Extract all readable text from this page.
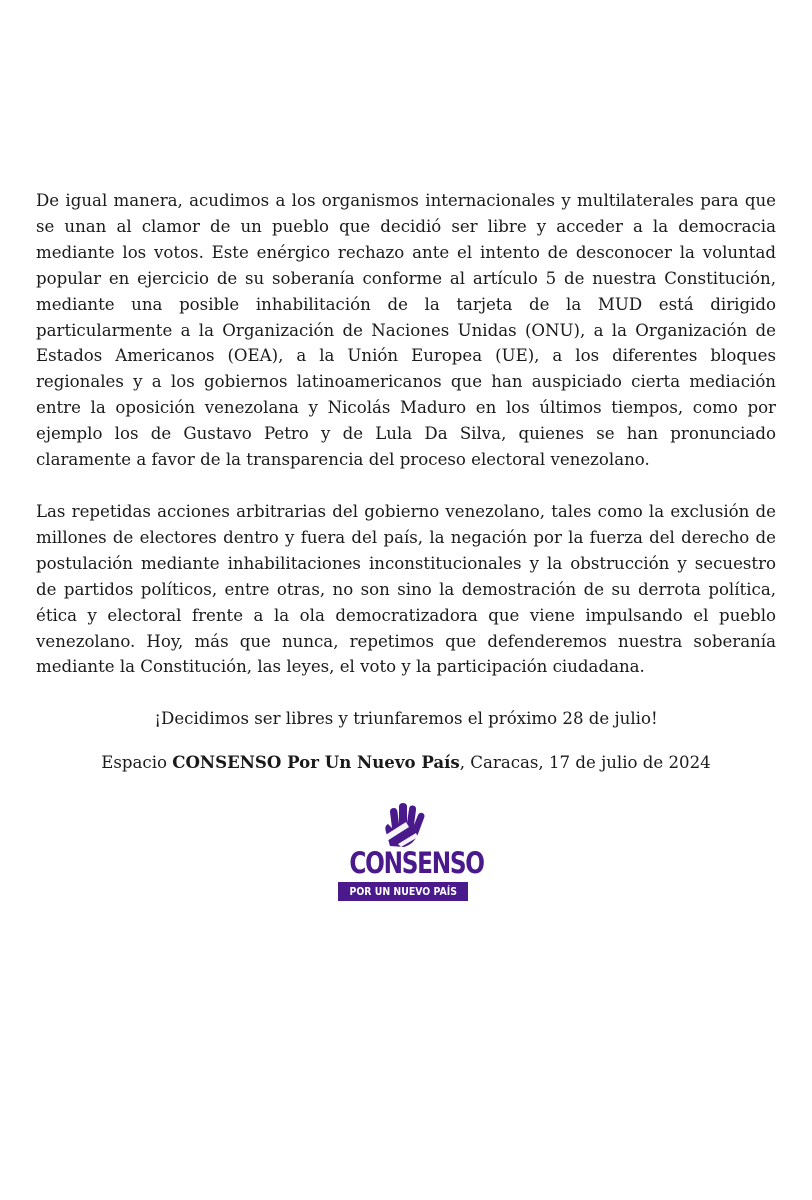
De igual manera, acudimos a los organismos internacionales y multilaterales para que se unan al clamor de un pueblo que decidió ser libre y acceder a la democracia mediante los votos. Este enérgico rechazo ante el intento de desconocer la voluntad popular en ejercicio de su soberanía conforme al artículo 5 de nuestra Constitución, mediante una posible inhabilitación de la tarjeta de la MUD está dirigido particularmente a la Organización de Naciones Unidas (ONU), a la Organización de Estados Americanos (OEA), a la Unión Europea (UE), a los diferentes bloques regionales y a los gobiernos latinoamericanos que han auspiciado cierta mediación entre la oposición venezolana y Nicolás Maduro en los últimos tiempos, como por ejemplo los de Gustavo Petro y de Lula Da Silva, quienes se han pronunciado claramente a favor de la transparencia del proceso electoral venezolano.

Las repetidas acciones arbitrarias del gobierno venezolano, tales como la exclusión de millones de electores dentro y fuera del país, la negación por la fuerza del derecho de postulación mediante inhabilitaciones inconstitucionales y la obstrucción y secuestro de partidos políticos, entre otras, no son sino la demostración de su derrota política, ética y electoral frente a la ola democratizadora que viene impulsando el pueblo venezolano. Hoy, más que nunca, repetimos que defenderemos nuestra soberanía mediante la Constitución, las leyes, el voto y la participación ciudadana.

¡Decidimos ser libres y triunfaremos el próximo 28 de julio!

Espacio CONSENSO Por Un Nuevo País, Caracas, 17 de julio de 2024

CONSENSO
POR UN NUEVO PAÍS
